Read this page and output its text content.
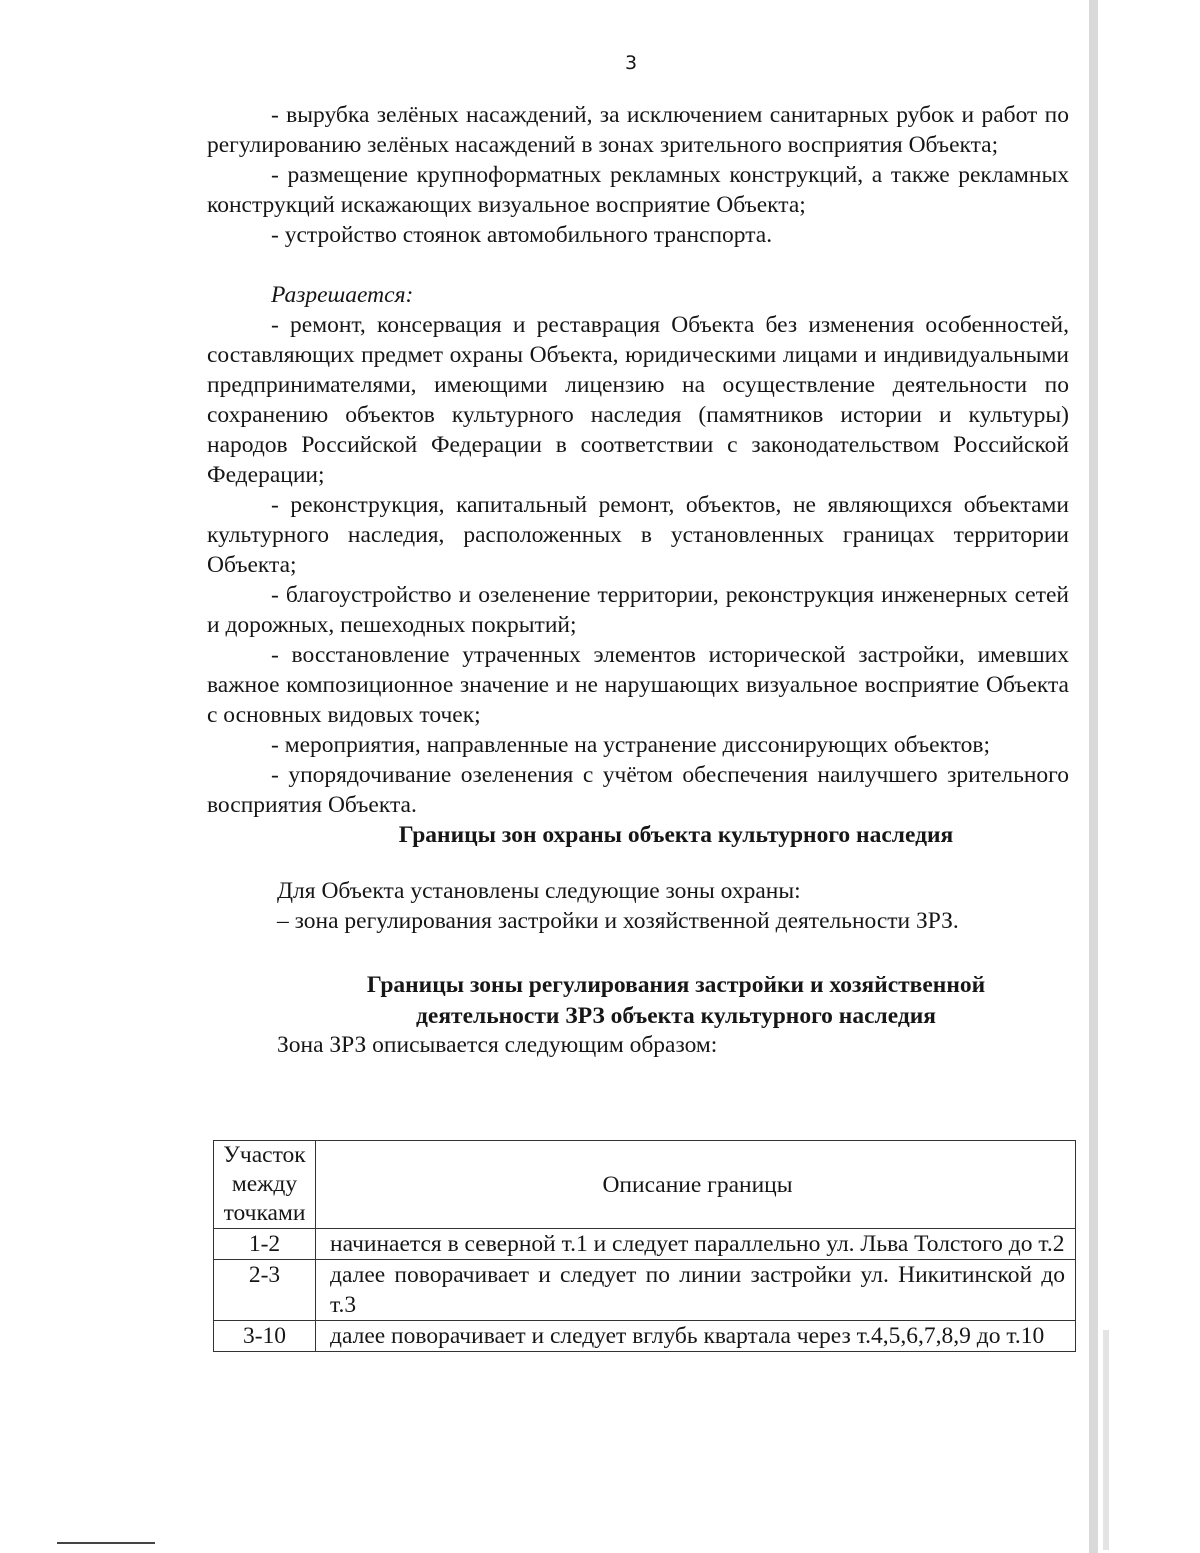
3

- вырубка зелёных насаждений, за исключением санитарных рубок и работ по регулированию зелёных насаждений в зонах зрительного восприятия Объекта;

- размещение крупноформатных рекламных конструкций, а также рекламных конструкций искажающих визуальное восприятие Объекта;

- устройство стоянок автомобильного транспорта.

Разрешается:

- ремонт, консервация и реставрация Объекта без изменения особенностей, составляющих предмет охраны Объекта, юридическими лицами и индивидуальными предпринимателями, имеющими лицензию на осуществление деятельности по сохранению объектов культурного наследия (памятников истории и культуры) народов Российской Федерации в соответствии с законодательством Российской Федерации;

- реконструкция, капитальный ремонт, объектов, не являющихся объектами культурного наследия, расположенных в установленных границах территории Объекта;

- благоустройство и озеленение территории, реконструкция инженерных сетей и дорожных, пешеходных покрытий;

- восстановление утраченных элементов исторической застройки, имевших важное композиционное значение и не нарушающих визуальное восприятие Объекта с основных видовых точек;

- мероприятия, направленные на устранение диссонирующих объектов;

- упорядочивание озеленения с учётом обеспечения наилучшего зрительного восприятия Объекта.

Границы зон охраны объекта культурного наследия

Для Объекта установлены следующие зоны охраны:

– зона регулирования застройки и хозяйственной деятельности ЗРЗ.

Границы зоны регулирования застройки и хозяйственной
деятельности ЗРЗ объекта культурного наследия

Зона ЗРЗ описывается следующим образом:

Участок между точками	Описание границы
1-2	начинается в северной т.1 и следует параллельно ул. Льва Толстого до т.2
2-3	далее поворачивает и следует по линии застройки ул. Никитинской до т.3
3-10	далее поворачивает и следует вглубь квартала через т.4,5,6,7,8,9 до т.10
